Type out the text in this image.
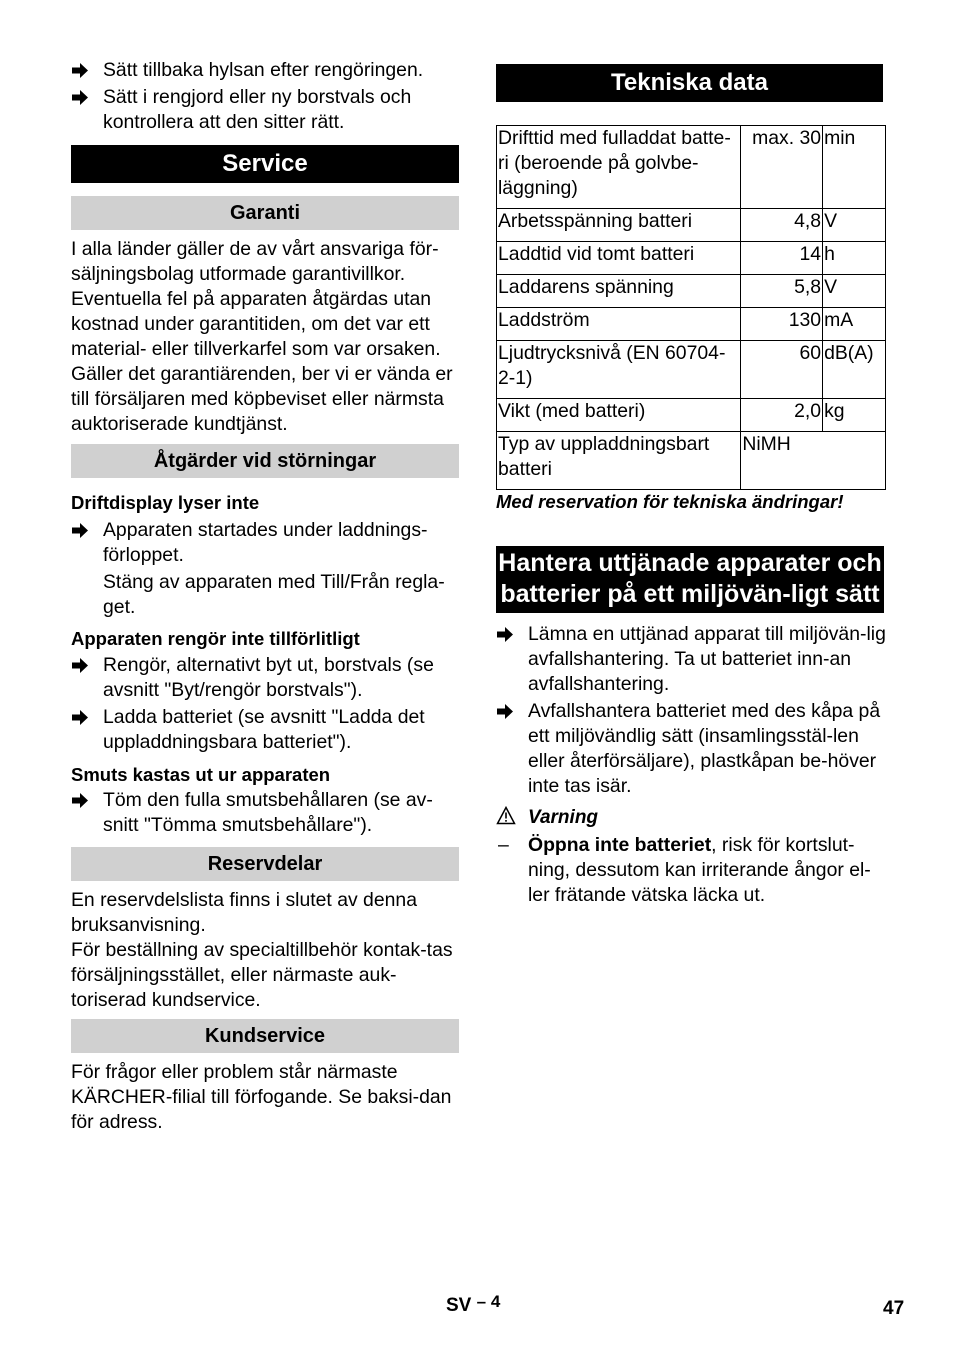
Sätt tillbaka hylsan efter rengöringen.
Sätt i rengjord eller ny borstvals och kontrollera att den sitter rätt.
Service
Garanti

I alla länder gäller de av vårt ansvariga för-säljningsbolag utformade garantivillkor. Eventuella fel på apparaten åtgärdas utan kostnad under garantitiden, om det var ett material- eller tillverkarfel som var orsaken. Gäller det garantiärenden, ber vi er vända er till försäljaren med köpbeviset eller närmsta auktoriserade kundtjänst.

Åtgärder vid störningar
Driftdisplay lyser inte
Apparaten startades under laddnings-förloppet.
Stäng av apparaten med Till/Från regla-get.
Apparaten rengör inte tillförlitligt
Rengör, alternativt byt ut, borstvals (se avsnitt "Byt/rengör borstvals").
Ladda batteriet (se avsnitt "Ladda det uppladdningsbara batteriet").
Smuts kastas ut ur apparaten
Töm den fulla smutsbehållaren (se av-snitt "Tömma smutsbehållare").
Reservdelar

En reservdelslista finns i slutet av denna bruksanvisning.

För beställning av specialtillbehör kontak-tas försäljningsstället, eller närmaste auk-toriserad kundservice.

Kundservice

För frågor eller problem står närmaste KÄRCHER-filial till förfogande. Se baksi-dan för adress.

Tekniska data
Drifttid med fulladdat batte-ri (beroende på golvbe-läggning)	max. 30	min
Arbetsspänning batteri	4,8	V
Laddtid vid tomt batteri	14	h
Laddarens spänning	5,8	V
Laddström	130	mA
Ljudtrycksnivå (EN 60704-2-1)	60	dB(A)
Vikt (med batteri)	2,0	kg
Typ av uppladdningsbart batteri	NiMH	
Med reservation för tekniska ändringar!
Hantera uttjänade apparater och batterier på ett miljövän-ligt sätt
Lämna en uttjänad apparat till miljövän-lig avfallshantering. Ta ut batteriet inn-an avfallshantering.
Avfallshantera batteriet med des kåpa på ett miljövändlig sätt (insamlingsstäl-len eller återförsäljare), plastkåpan be-höver inte tas isär.
Varning
– Öppna inte batteriet, risk för kortslut-ning, dessutom kan irriterande ångor el-ler frätande vätska läcka ut.
SV – 4	47
